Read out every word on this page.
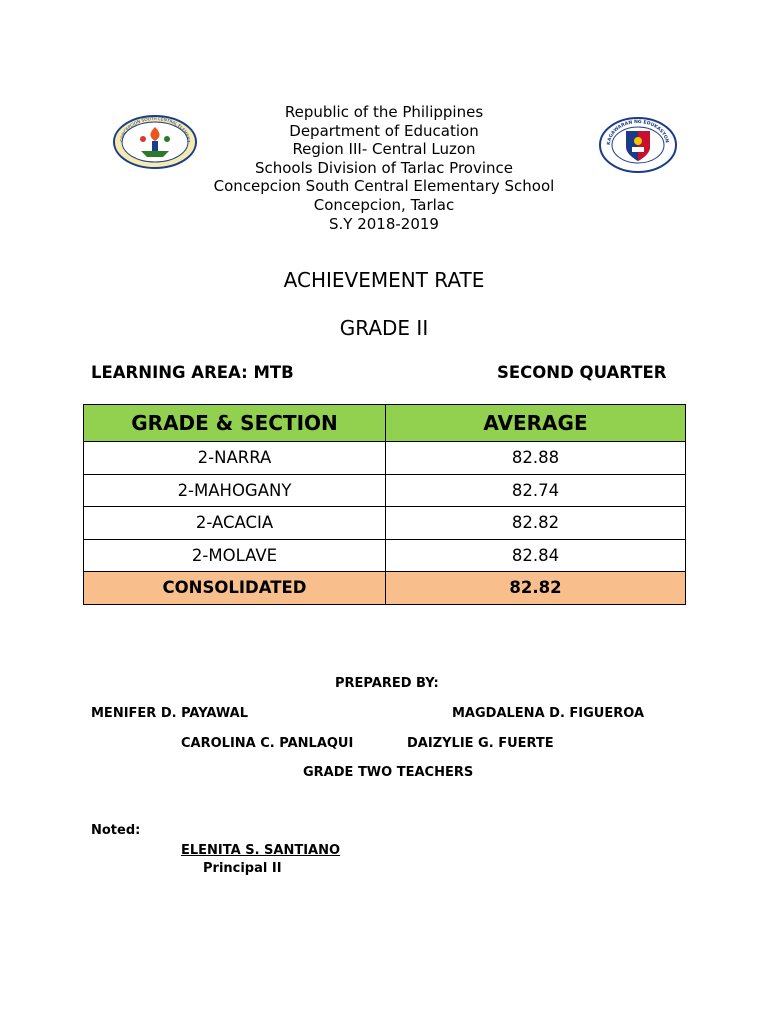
CONCEPCION SOUTH CENTRAL ELEMENT
KAGAWARAN NG EDUKASYON
Republic of the Philippines
Department of Education
Region III- Central Luzon
Schools Division of Tarlac Province
Concepcion South Central Elementary School
Concepcion, Tarlac
S.Y 2018-2019
ACHIEVEMENT RATE
GRADE II
LEARNING AREA: MTB	SECOND QUARTER
GRADE & SECTION	AVERAGE
2-NARRA	82.88
2-MAHOGANY	82.74
2-ACACIA	82.82
2-MOLAVE	82.84
CONSOLIDATED	82.82
PREPARED BY:
MENIFER D. PAYAWAL	MAGDALENA D. FIGUEROA
CAROLINA C. PANLAQUI	DAIZYLIE G. FUERTE
GRADE TWO TEACHERS
Noted:
ELENITA S. SANTIANO
Principal II
